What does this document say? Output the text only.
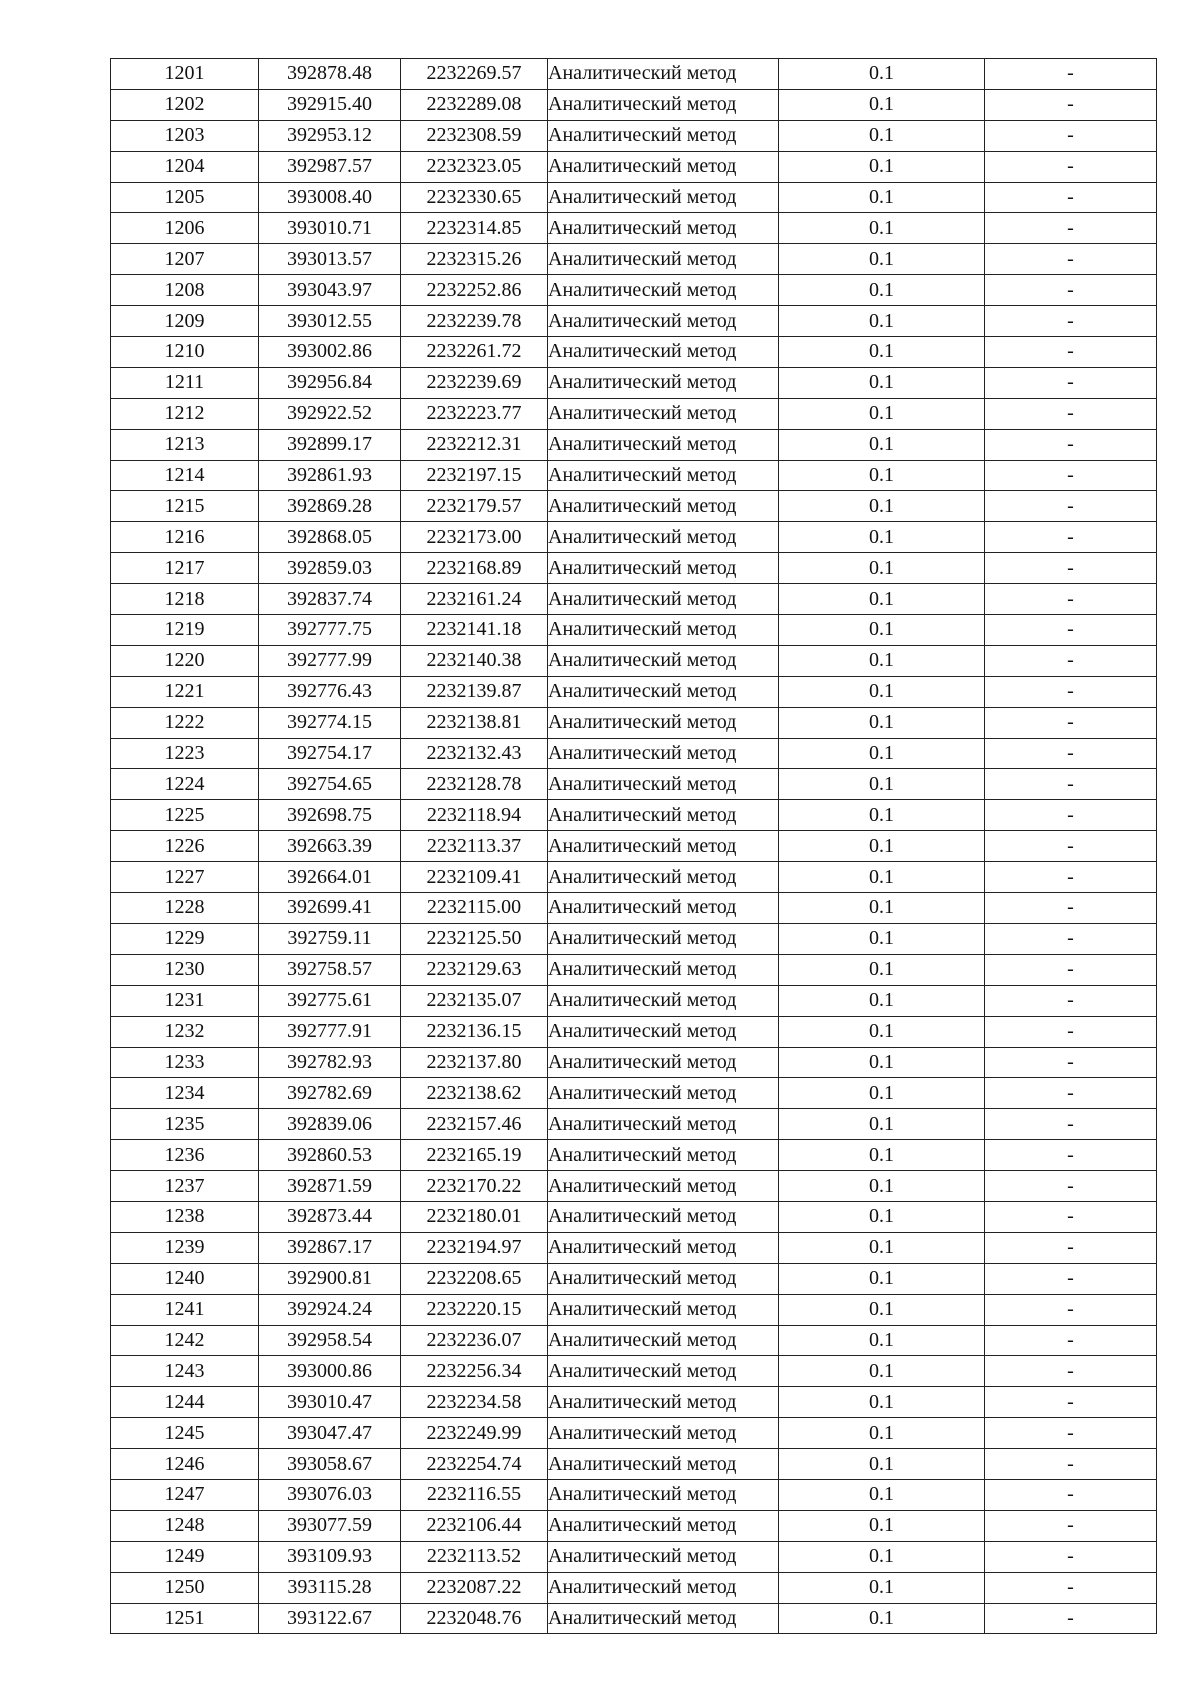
1201	392878.48	2232269.57	Аналитический метод	0.1	-
1202	392915.40	2232289.08	Аналитический метод	0.1	-
1203	392953.12	2232308.59	Аналитический метод	0.1	-
1204	392987.57	2232323.05	Аналитический метод	0.1	-
1205	393008.40	2232330.65	Аналитический метод	0.1	-
1206	393010.71	2232314.85	Аналитический метод	0.1	-
1207	393013.57	2232315.26	Аналитический метод	0.1	-
1208	393043.97	2232252.86	Аналитический метод	0.1	-
1209	393012.55	2232239.78	Аналитический метод	0.1	-
1210	393002.86	2232261.72	Аналитический метод	0.1	-
1211	392956.84	2232239.69	Аналитический метод	0.1	-
1212	392922.52	2232223.77	Аналитический метод	0.1	-
1213	392899.17	2232212.31	Аналитический метод	0.1	-
1214	392861.93	2232197.15	Аналитический метод	0.1	-
1215	392869.28	2232179.57	Аналитический метод	0.1	-
1216	392868.05	2232173.00	Аналитический метод	0.1	-
1217	392859.03	2232168.89	Аналитический метод	0.1	-
1218	392837.74	2232161.24	Аналитический метод	0.1	-
1219	392777.75	2232141.18	Аналитический метод	0.1	-
1220	392777.99	2232140.38	Аналитический метод	0.1	-
1221	392776.43	2232139.87	Аналитический метод	0.1	-
1222	392774.15	2232138.81	Аналитический метод	0.1	-
1223	392754.17	2232132.43	Аналитический метод	0.1	-
1224	392754.65	2232128.78	Аналитический метод	0.1	-
1225	392698.75	2232118.94	Аналитический метод	0.1	-
1226	392663.39	2232113.37	Аналитический метод	0.1	-
1227	392664.01	2232109.41	Аналитический метод	0.1	-
1228	392699.41	2232115.00	Аналитический метод	0.1	-
1229	392759.11	2232125.50	Аналитический метод	0.1	-
1230	392758.57	2232129.63	Аналитический метод	0.1	-
1231	392775.61	2232135.07	Аналитический метод	0.1	-
1232	392777.91	2232136.15	Аналитический метод	0.1	-
1233	392782.93	2232137.80	Аналитический метод	0.1	-
1234	392782.69	2232138.62	Аналитический метод	0.1	-
1235	392839.06	2232157.46	Аналитический метод	0.1	-
1236	392860.53	2232165.19	Аналитический метод	0.1	-
1237	392871.59	2232170.22	Аналитический метод	0.1	-
1238	392873.44	2232180.01	Аналитический метод	0.1	-
1239	392867.17	2232194.97	Аналитический метод	0.1	-
1240	392900.81	2232208.65	Аналитический метод	0.1	-
1241	392924.24	2232220.15	Аналитический метод	0.1	-
1242	392958.54	2232236.07	Аналитический метод	0.1	-
1243	393000.86	2232256.34	Аналитический метод	0.1	-
1244	393010.47	2232234.58	Аналитический метод	0.1	-
1245	393047.47	2232249.99	Аналитический метод	0.1	-
1246	393058.67	2232254.74	Аналитический метод	0.1	-
1247	393076.03	2232116.55	Аналитический метод	0.1	-
1248	393077.59	2232106.44	Аналитический метод	0.1	-
1249	393109.93	2232113.52	Аналитический метод	0.1	-
1250	393115.28	2232087.22	Аналитический метод	0.1	-
1251	393122.67	2232048.76	Аналитический метод	0.1	-
